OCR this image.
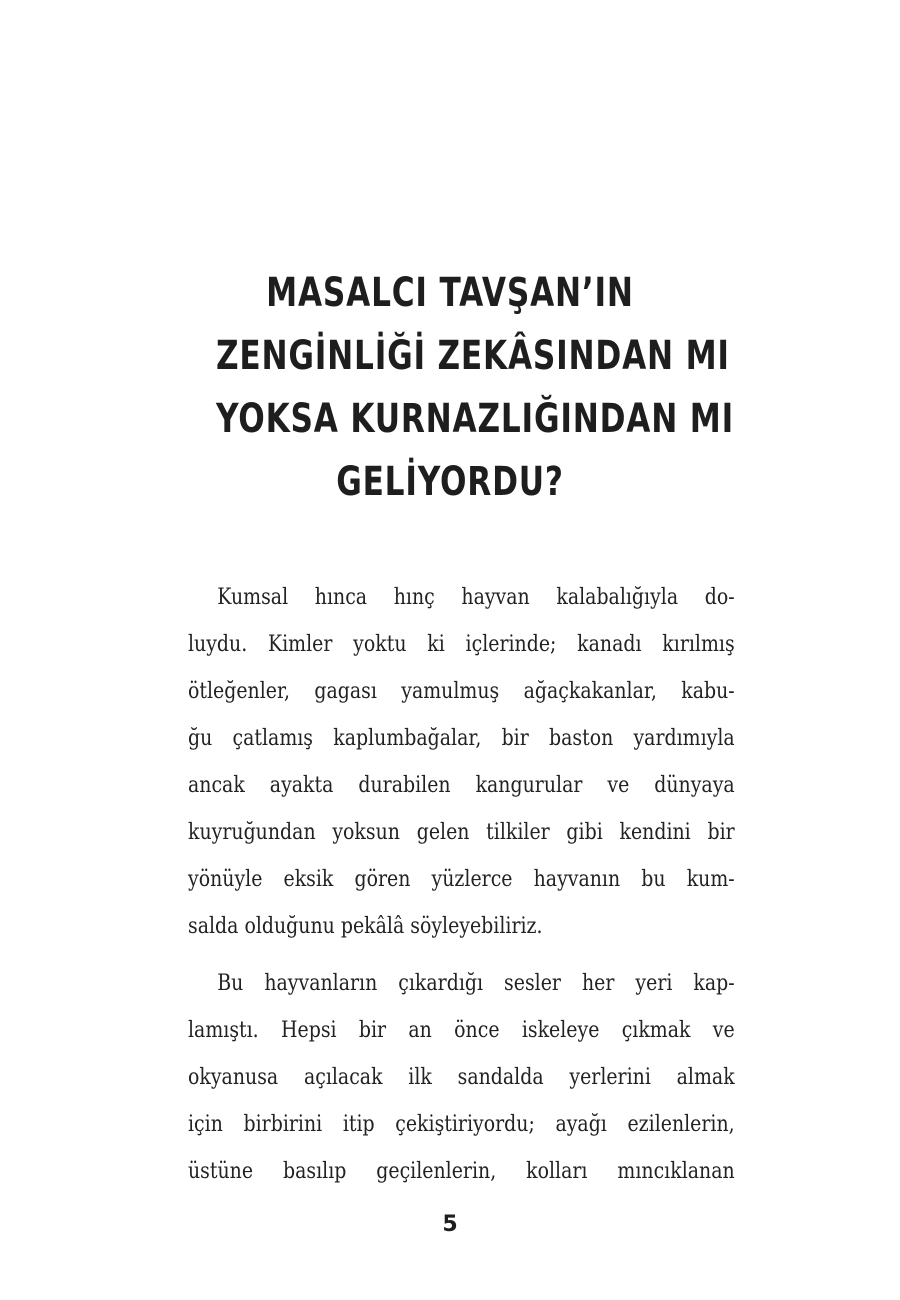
MASALCI TAVŞAN’IN
ZENGİNLİĞİ ZEKÂSINDAN MI
YOKSA KURNAZLIĞINDAN MI
GELİYORDU?

Kumsal hınca hınç hayvan kalabalığıyla do-
luydu. Kimler yoktu ki içlerinde; kanadı kırılmış
ötleğenler, gagası yamulmuş ağaçkakanlar, kabu-
ğu çatlamış kaplumbağalar, bir baston yardımıyla
ancak ayakta durabilen kangurular ve dünyaya
kuyruğundan yoksun gelen tilkiler gibi kendini bir
yönüyle eksik gören yüzlerce hayvanın bu kum-
salda olduğunu pekâlâ söyleyebiliriz.

Bu hayvanların çıkardığı sesler her yeri kap-
lamıştı. Hepsi bir an önce iskeleye çıkmak ve
okyanusa açılacak ilk sandalda yerlerini almak
için birbirini itip çekiştiriyordu; ayağı ezilenlerin,
üstüne basılıp geçilenlerin, kolları mıncıklanan

5
